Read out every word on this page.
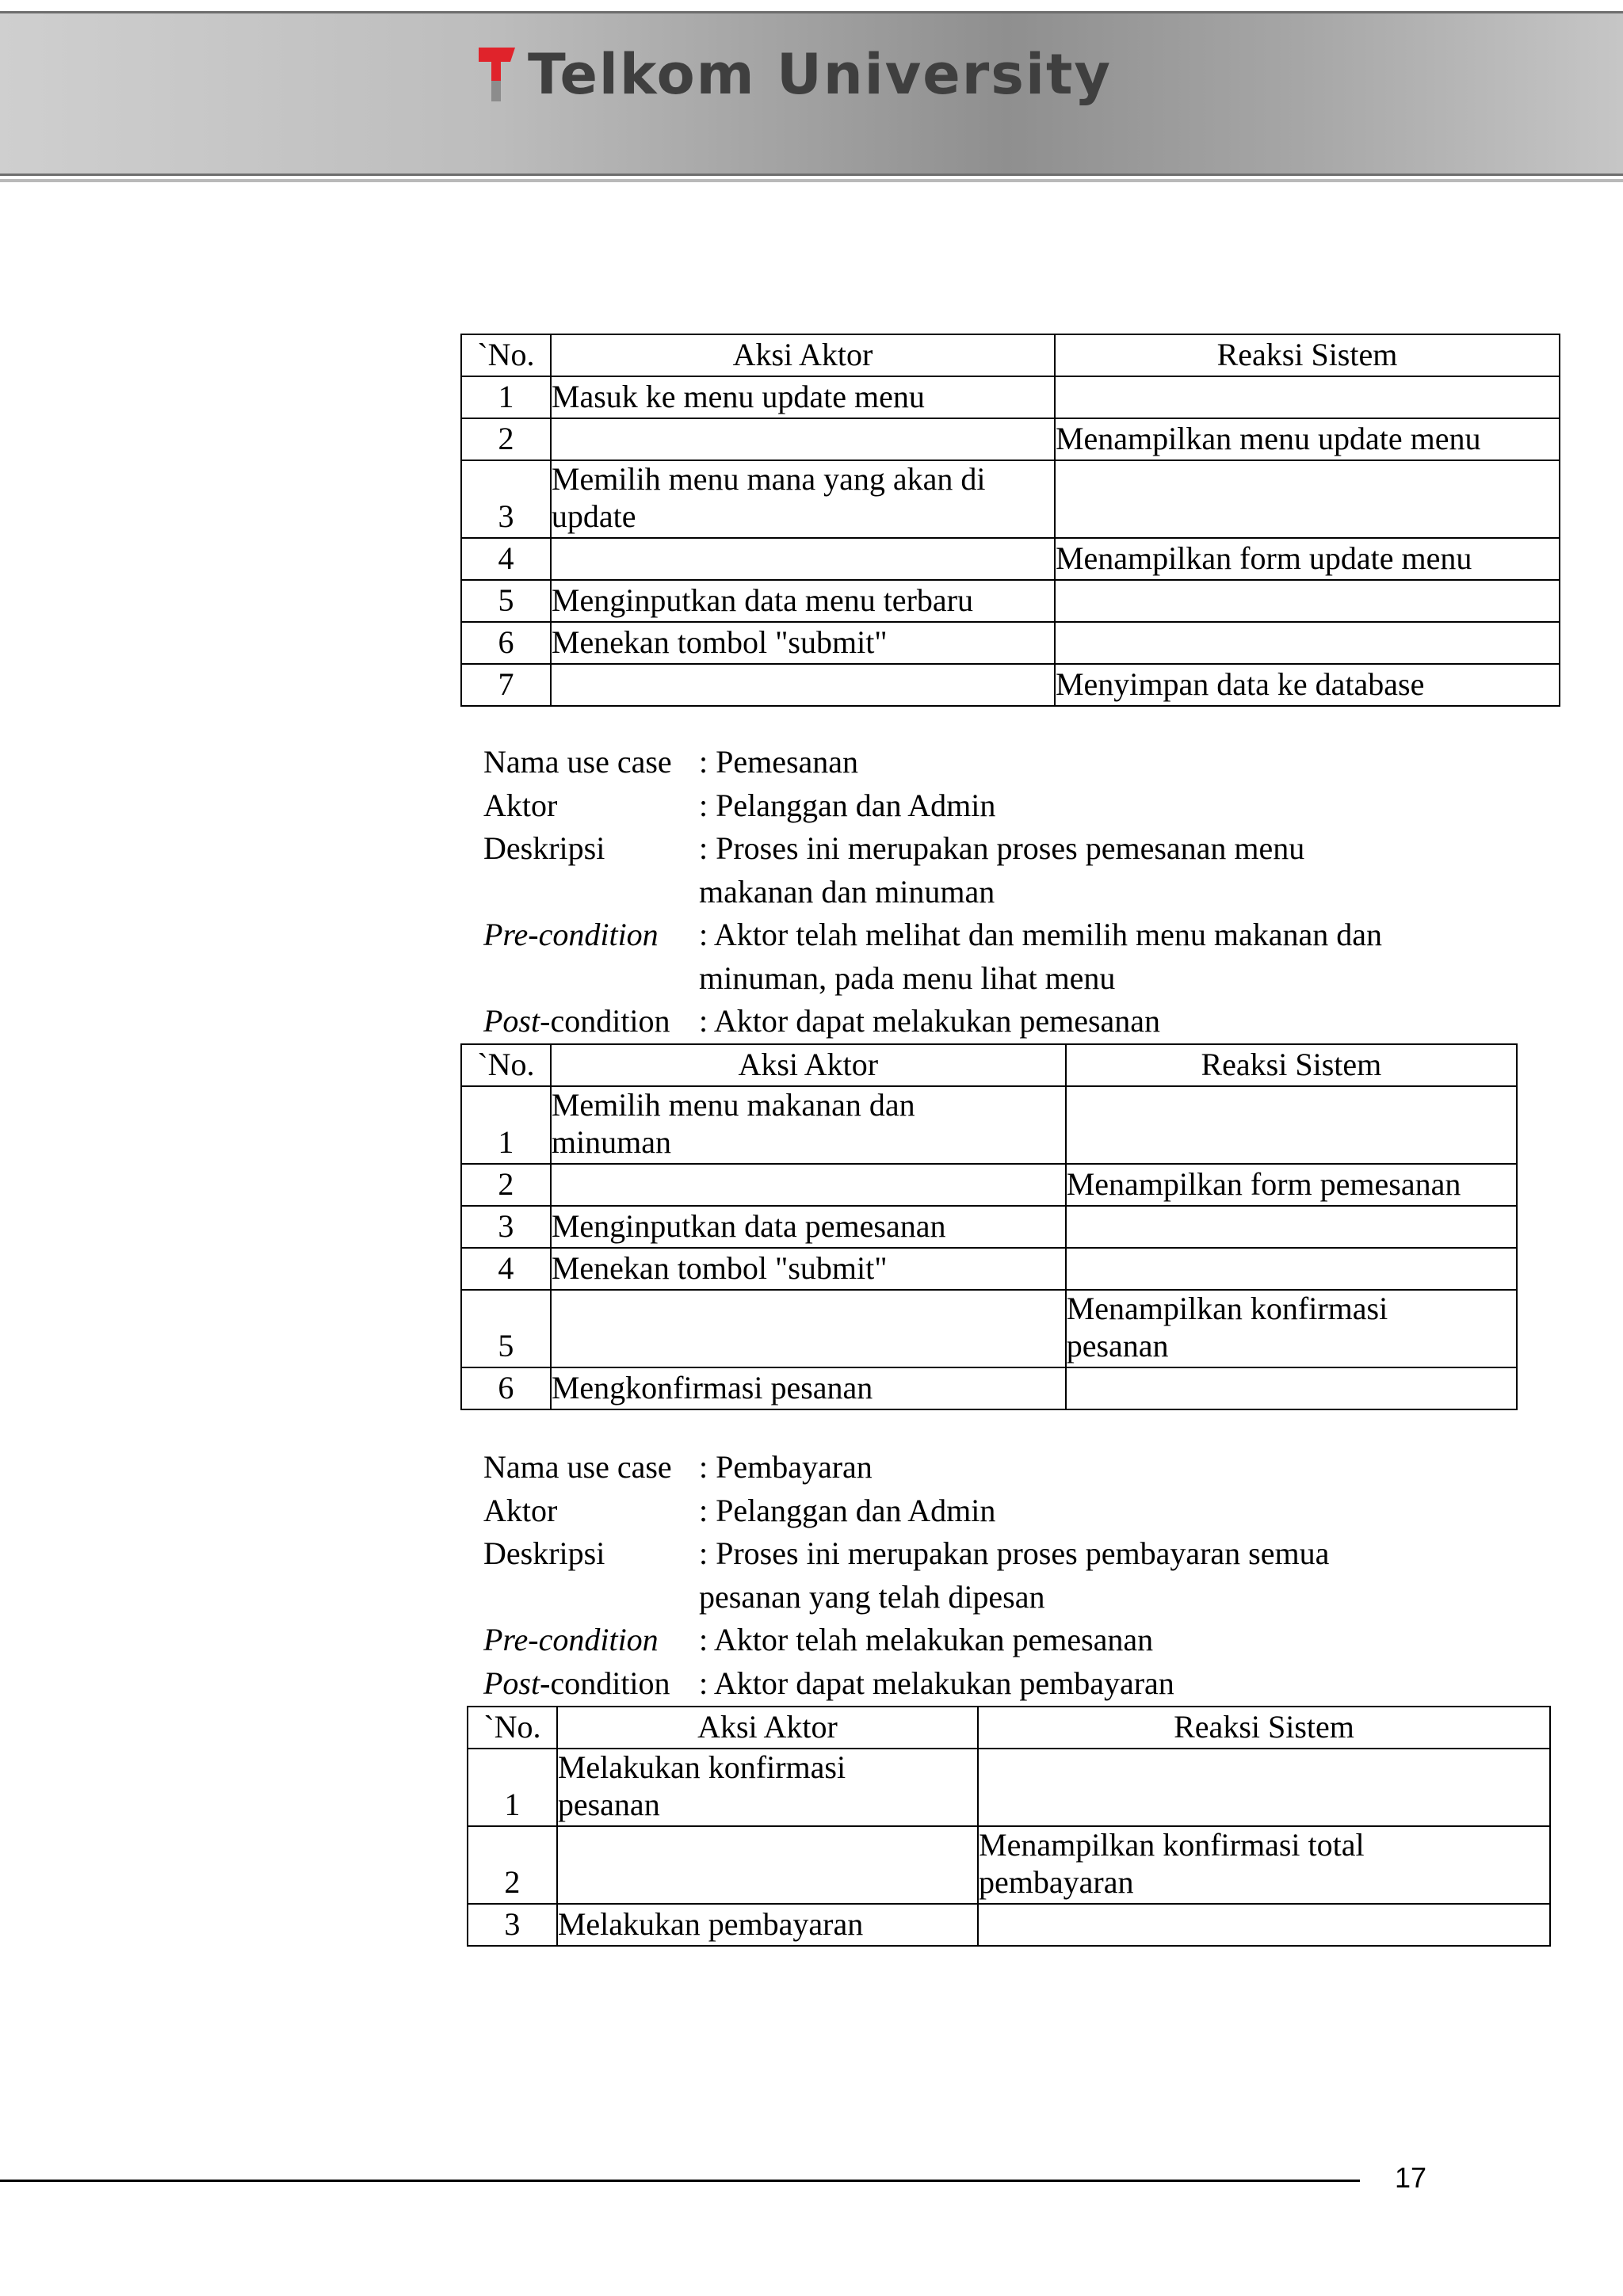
Telkom University
`No.	Aksi Aktor	Reaksi Sistem
1	Masuk ke menu update menu	
2		Menampilkan menu update menu
3	Memilih menu mana yang akan di update	
4		Menampilkan form update menu
5	Menginputkan data menu terbaru	
6	Menekan tombol "submit"	
7		Menyimpan data ke database
Nama use case : Pemesanan
Aktor	: Pelanggan dan Admin
Deskripsi	: Proses ini merupakan proses pemesanan menu makanan dan minuman
Pre-condition	: Aktor telah melihat dan memilih menu makanan dan minuman, pada menu lihat menu
Post-condition : Aktor dapat melakukan pemesanan
`No.	Aksi Aktor	Reaksi Sistem
1	Memilih menu makanan dan minuman	
2		Menampilkan form pemesanan
3	Menginputkan data pemesanan	
4	Menekan tombol "submit"	
5		Menampilkan konfirmasi pesanan
6	Mengkonfirmasi pesanan	
Nama use case : Pembayaran
Aktor	: Pelanggan dan Admin
Deskripsi	: Proses ini merupakan proses pembayaran semua pesanan yang telah dipesan
Pre-condition	: Aktor telah melakukan pemesanan
Post-condition : Aktor dapat melakukan pembayaran
`No.	Aksi Aktor	Reaksi Sistem
1	Melakukan konfirmasi pesanan	
2		Menampilkan konfirmasi total pembayaran
3	Melakukan pembayaran	
17
